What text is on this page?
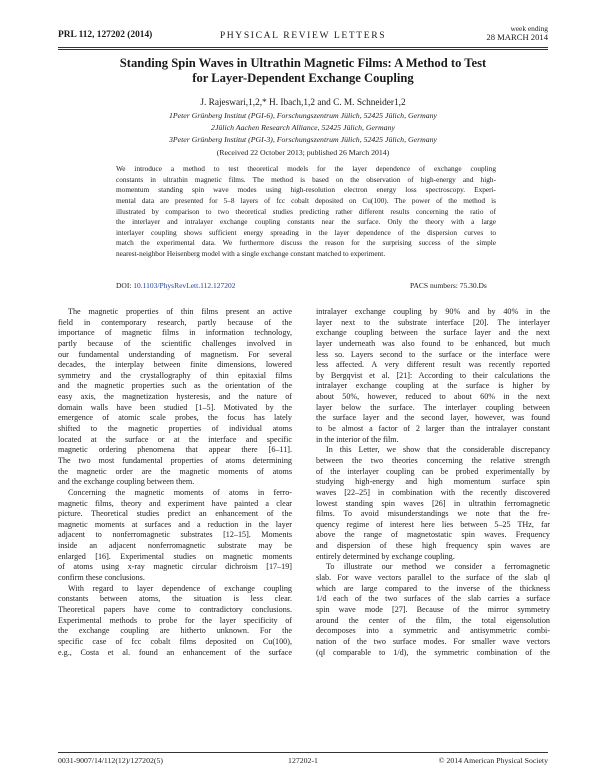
PRL 112, 127202 (2014)	PHYSICAL REVIEW LETTERS
week ending
28 MARCH 2014
Standing Spin Waves in Ultrathin Magnetic Films: A Method to Test
for Layer-Dependent Exchange Coupling
J. Rajeswari,1,2,* H. Ibach,1,2 and C. M. Schneider1,2
1Peter Grünberg Institut (PGI-6), Forschungszentrum Jülich, 52425 Jülich, Germany
2Jülich Aachen Research Alliance, 52425 Jülich, Germany
3Peter Grünberg Institut (PGI-3), Forschungszentrum Jülich, 52425 Jülich, Germany
(Received 22 October 2013; published 26 March 2014)
We introduce a method to test theoretical models for the layer dependence of exchange coupling
constants in ultrathin magnetic films. The method is based on the observation of high-energy and high-
momentum standing spin wave modes using high-resolution electron energy loss spectroscopy. Experi-
mental data are presented for 5–8 layers of fcc cobalt deposited on Cu(100). The power of the method is
illustrated by comparison to two theoretical studies predicting rather different results concerning the ratio of
the interlayer and intralayer exchange coupling constants near the surface. Only the theory with a large
interlayer coupling shows sufficient energy spreading in the layer dependence of the dispersion curves to
match the experimental data. We furthermore discuss the reason for the surprising success of the simple
nearest-neighbor Heisenberg model with a single exchange constant matched to experiment.
DOI: 10.1103/PhysRevLett.112.127202	PACS numbers: 75.30.Ds
The magnetic properties of thin films present an active
field in contemporary research, partly because of the
importance of magnetic films in information technology,
partly because of the scientific challenges involved in
our fundamental understanding of magnetism. For several
decades, the interplay between finite dimensions, lowered
symmetry and the crystallography of thin epitaxial films
and the magnetic properties such as the orientation of the
easy axis, the magnetization hysteresis, and the nature of
domain walls have been studied [1–5]. Motivated by the
emergence of atomic scale probes, the focus has lately
shifted to the magnetic properties of individual atoms
located at the surface or at the interface and specific
magnetic ordering phenomena that appear there [6–11].
The two most fundamental properties of atoms determining
the magnetic order are the magnetic moments of atoms
and the exchange coupling between them.
Concerning the magnetic moments of atoms in ferro-
magnetic films, theory and experiment have painted a clear
picture. Theoretical studies predict an enhancement of the
magnetic moments at surfaces and a reduction in the layer
adjacent to nonferromagnetic substrates [12–15]. Moments
inside an adjacent nonferromagnetic substrate may be
enlarged [16]. Experimental studies on magnetic moments
of atoms using x-ray magnetic circular dichroism [17–19]
confirm these conclusions.
With regard to layer dependence of exchange coupling
constants between atoms, the situation is less clear.
Theoretical papers have come to contradictory conclusions.
Experimental methods to probe for the layer specificity of
the exchange coupling are hitherto unknown. For the
specific case of fcc cobalt films deposited on Cu(100),
e.g., Costa et al. found an enhancement of the surface
intralayer exchange coupling by 90% and by 40% in the
layer next to the substrate interface [20]. The interlayer
exchange coupling between the surface layer and the next
layer underneath was also found to be enhanced, but much
less so. Layers second to the surface or the interface were
less affected. A very different result was recently reported
by Bergqvist et al. [21]: According to their calculations the
intralayer exchange coupling at the surface is higher by
about 50%, however, reduced to about 60% in the next
layer below the surface. The interlayer coupling between
the surface layer and the second layer, however, was found
to be almost a factor of 2 larger than the intralayer constant
in the interior of the film.
In this Letter, we show that the considerable discrepancy
between the two theories concerning the relative strength
of the interlayer coupling can be probed experimentally by
studying high-energy and high momentum surface spin
waves [22–25] in combination with the recently discovered
lowest standing spin waves [26] in ultrathin ferromagnetic
films. To avoid misunderstandings we note that the fre-
quency regime of interest here lies between 5–25 THz, far
above the range of magnetostatic spin waves. Frequency
and dispersion of these high frequency spin waves are
entirely determined by exchange coupling.
To illustrate our method we consider a ferromagnetic
slab. For wave vectors parallel to the surface of the slab q‖
which are large compared to the inverse of the thickness
1/d each of the two surfaces of the slab carries a surface
spin wave mode [27]. Because of the mirror symmetry
around the center of the film, the total eigensolution
decomposes into a symmetric and antisymmetric combi-
nation of the two surface modes. For smaller wave vectors
(q‖ comparable to 1/d), the symmetric combination of the
0031-9007/14/112(12)/127202(5)	127202-1	© 2014 American Physical Society
